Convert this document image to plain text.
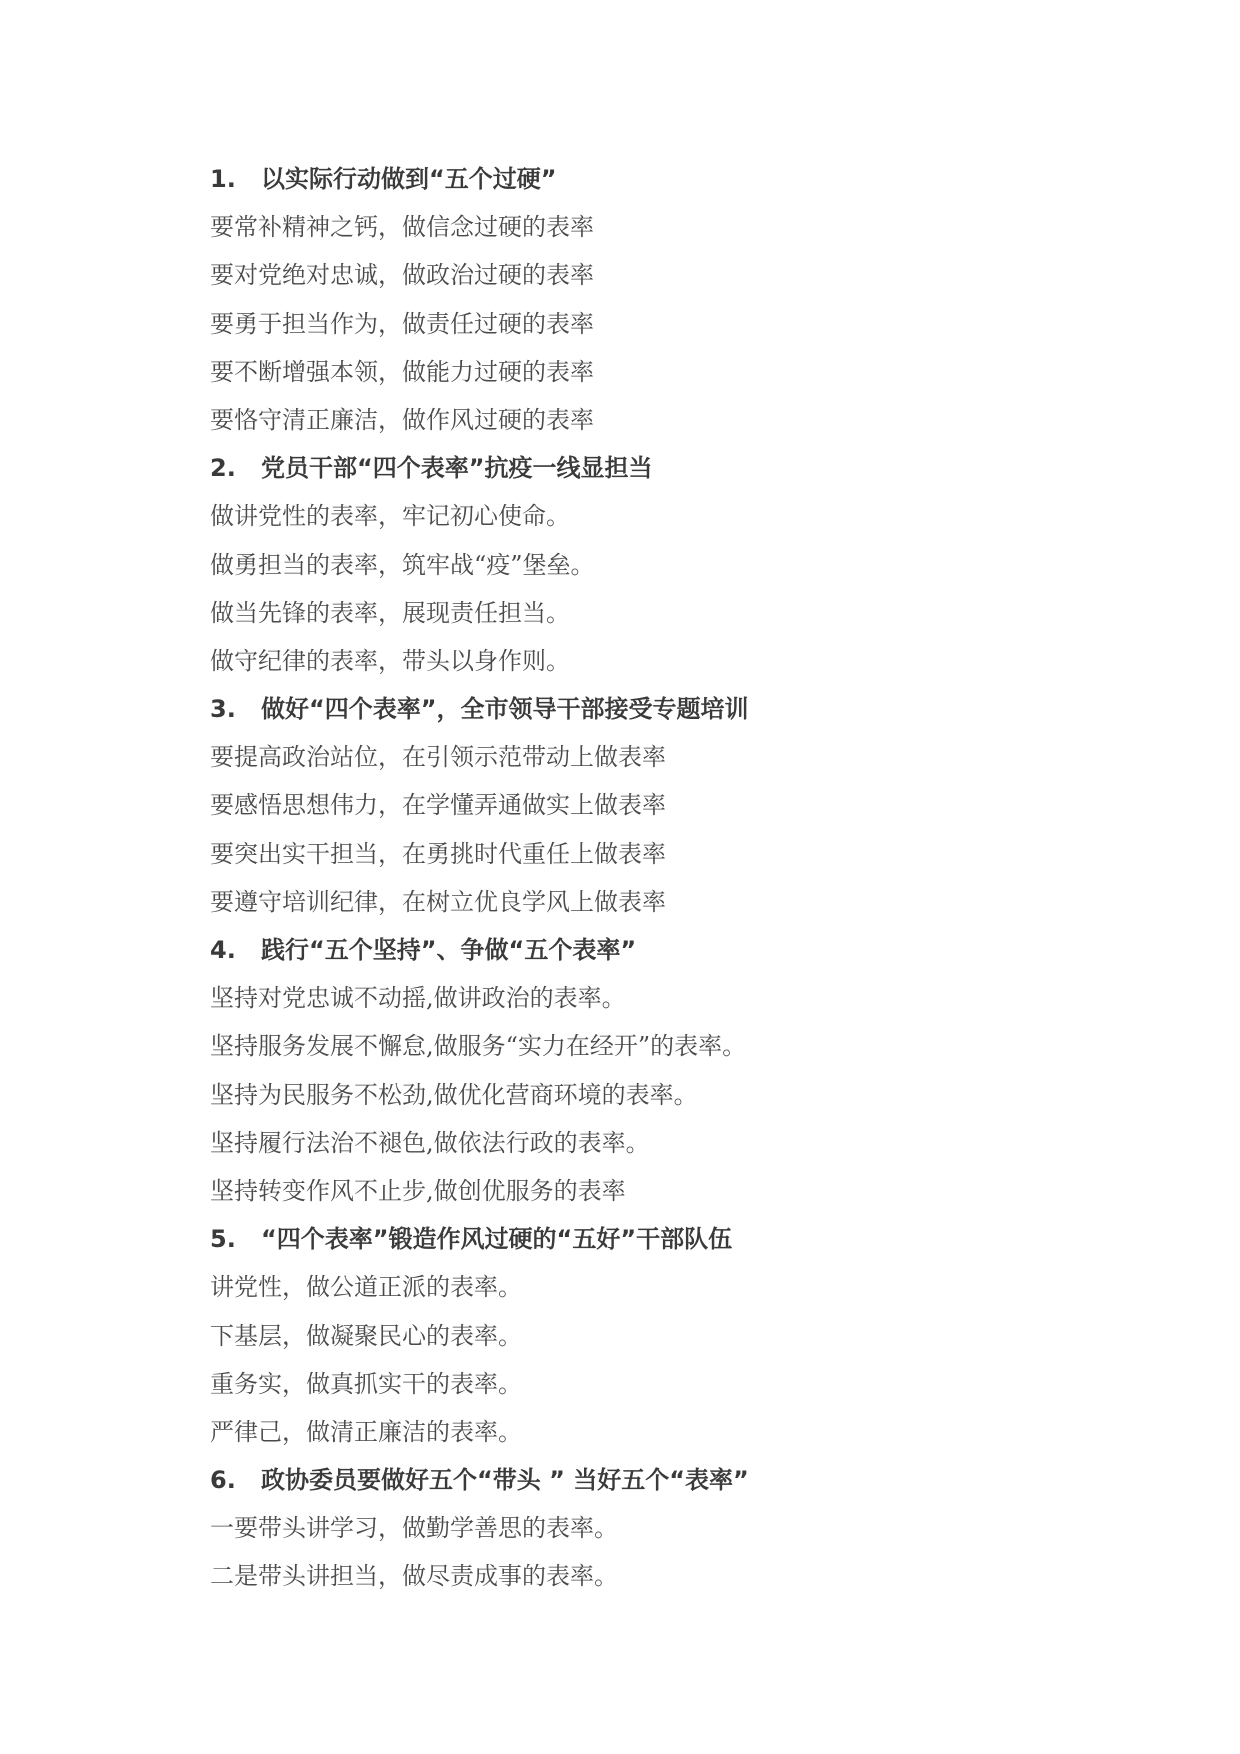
1. 以实际行动做到“五个过硬”
要常补精神之钙，做信念过硬的表率
要对党绝对忠诚，做政治过硬的表率
要勇于担当作为，做责任过硬的表率
要不断增强本领，做能力过硬的表率
要恪守清正廉洁，做作风过硬的表率
2. 党员干部“四个表率”抗疫一线显担当
做讲党性的表率，牢记初心使命。
做勇担当的表率，筑牢战“疫”堡垒。
做当先锋的表率，展现责任担当。
做守纪律的表率，带头以身作则。
3. 做好“四个表率”，全市领导干部接受专题培训
要提高政治站位，在引领示范带动上做表率
要感悟思想伟力，在学懂弄通做实上做表率
要突出实干担当，在勇挑时代重任上做表率
要遵守培训纪律，在树立优良学风上做表率
4. 践行“五个坚持”、争做“五个表率”
坚持对党忠诚不动摇,做讲政治的表率。
坚持服务发展不懈怠,做服务“实力在经开”的表率。
坚持为民服务不松劲,做优化营商环境的表率。
坚持履行法治不褪色,做依法行政的表率。
坚持转变作风不止步,做创优服务的表率
5. “四个表率”锻造作风过硬的“五好”干部队伍
讲党性，做公道正派的表率。
下基层，做凝聚民心的表率。
重务实，做真抓实干的表率。
严律己，做清正廉洁的表率。
6. 政协委员要做好五个“带头 ” 当好五个“表率”
一要带头讲学习，做勤学善思的表率。
二是带头讲担当，做尽责成事的表率。
